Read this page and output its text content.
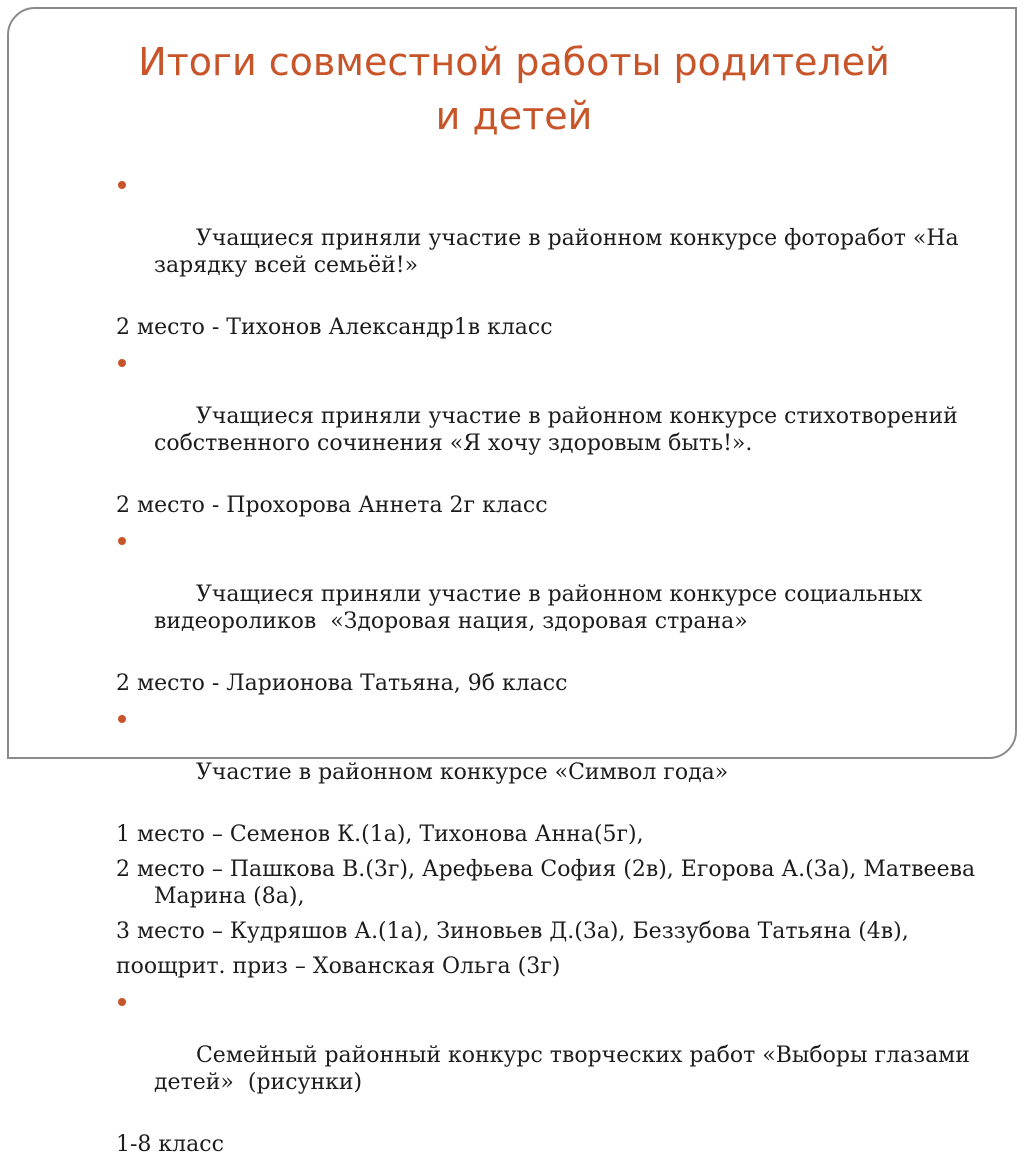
Итоги совместной работы родителей
и детей

Учащиеся приняли участие в районном конкурсе фоторабот «На зарядку всей семьёй!»

2 место - Тихонов Александр1в класс

Учащиеся приняли участие в районном конкурсе стихотворений собственного сочинения «Я хочу здоровым быть!».

2 место - Прохорова Аннета 2г класс

Учащиеся приняли участие в районном конкурсе социальных видеороликов  «Здоровая нация, здоровая страна»

2 место - Ларионова Татьяна, 9б класс

Участие в районном конкурсе «Символ года»

1 место – Семенов К.(1а), Тихонова Анна(5г),
2 место – Пашкова В.(3г), Арефьева София (2в), Егорова А.(3а), Матвеева Марина (8а),
3 место – Кудряшов А.(1а), Зиновьев Д.(3а), Беззубова Татьяна (4в),
поощрит. приз – Хованская Ольга (3г)

Семейный районный конкурс творческих работ «Выборы глазами детей»  (рисунки)

1-8 класс
